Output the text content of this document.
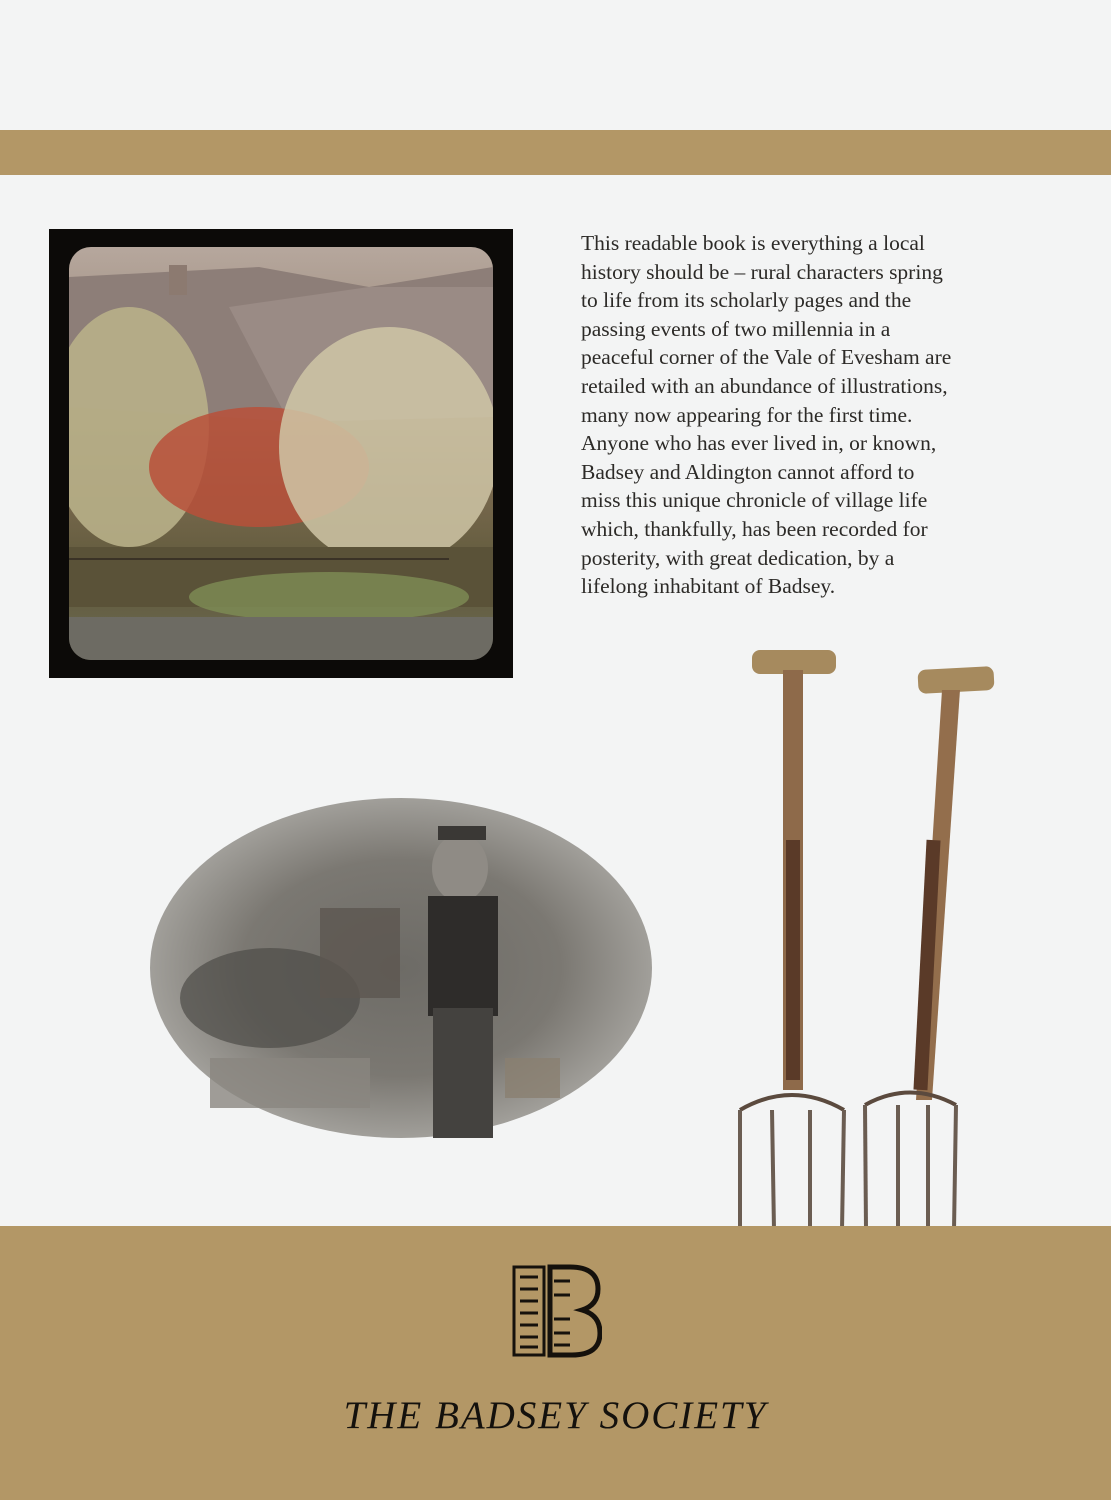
This readable book is everything a local
history should be – rural characters spring
to life from its scholarly pages and the
passing events of two millennia in a
peaceful corner of the Vale of Evesham are
retailed with an abundance of illustrations,
many now appearing for the first time.
Anyone who has ever lived in, or known,
Badsey and Aldington cannot afford to
miss this unique chronicle of village life
which, thankfully, has been recorded for
posterity, with great dedication, by a
lifelong inhabitant of Badsey.
THE BADSEY SOCIETY
